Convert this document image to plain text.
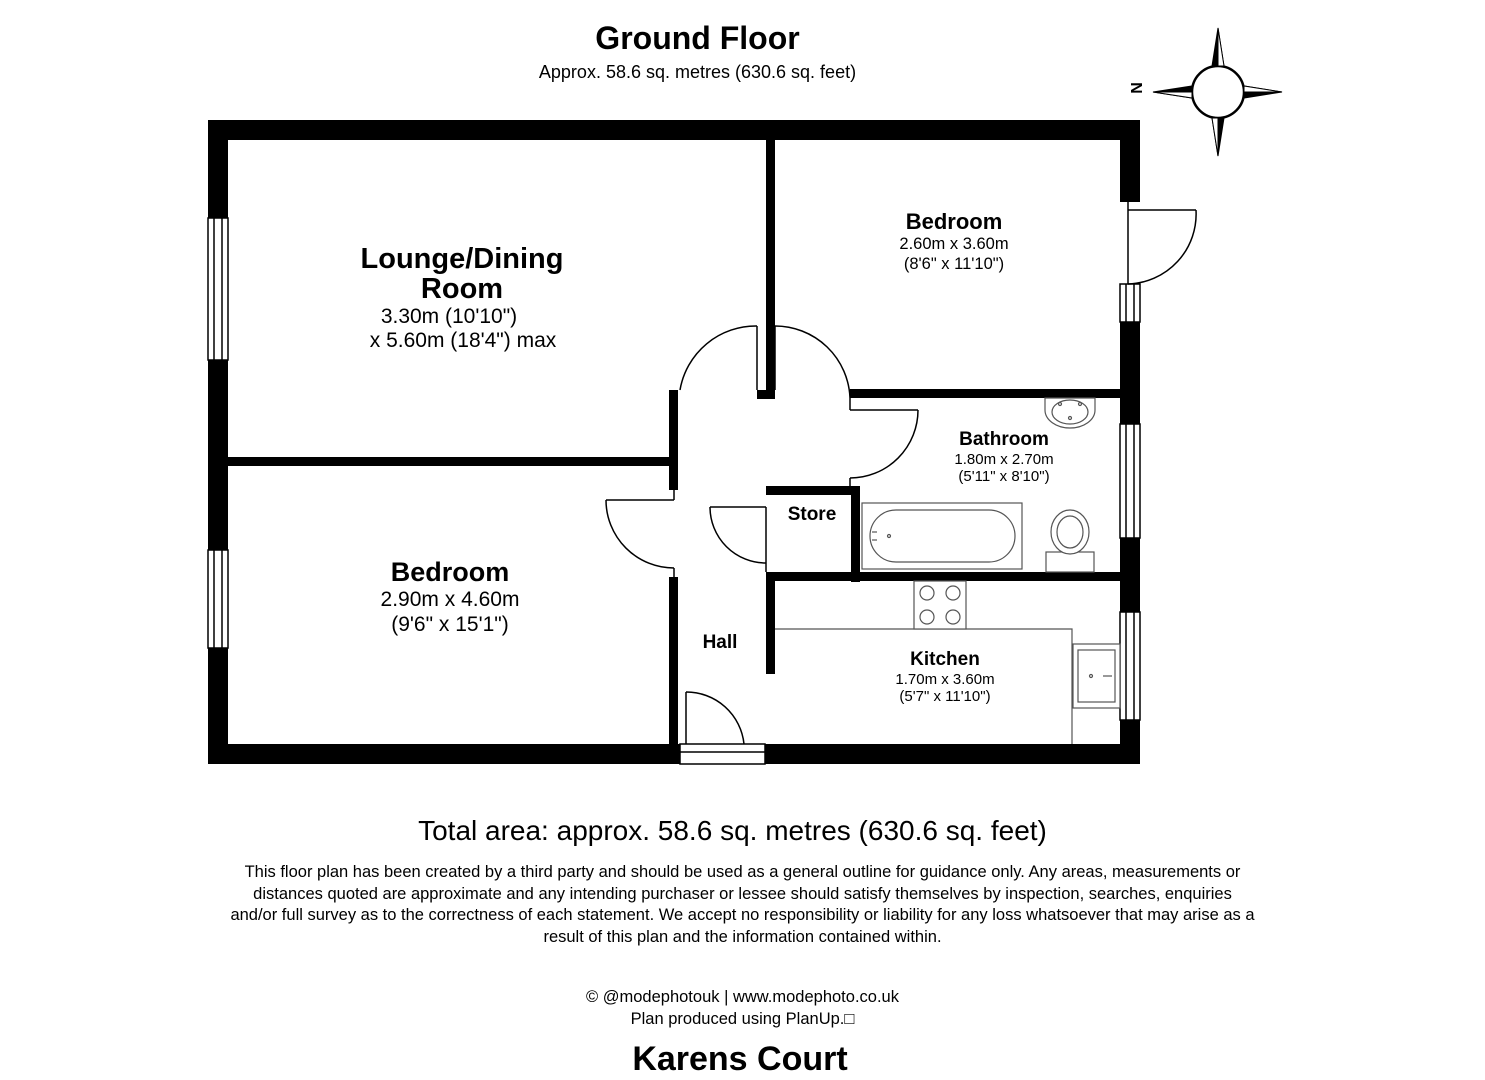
Ground Floor
Approx. 58.6 sq. metres (630.6 sq. feet)
N
Lounge/Dining
Room
3.30m (10'10")
x 5.60m (18'4") max
Bedroom
2.60m x 3.60m
(8'6" x 11'10")
Bathroom
1.80m x 2.70m
(5'11" x 8'10")
Store
Bedroom
2.90m x 4.60m
(9'6" x 15'1")
Hall
Kitchen
1.70m x 3.60m
(5'7" x 11'10")
Total area: approx. 58.6 sq. metres (630.6 sq. feet)
This floor plan has been created by a third party and should be used as a general outline for guidance only. Any areas, measurements or distances quoted are approximate and any intending purchaser or lessee should satisfy themselves by inspection, searches, enquiries and/or full survey as to the correctness of each statement. We accept no responsibility or liability for any loss whatsoever that may arise as a result of this plan and the information contained within.
© @modephotouk | www.modephoto.co.uk
Plan produced using PlanUp.□
Karens Court
